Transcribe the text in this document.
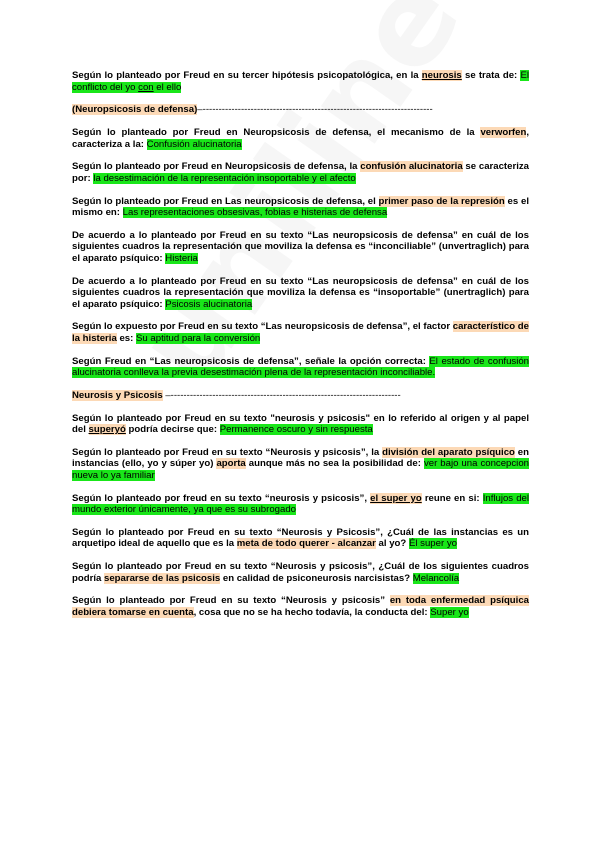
Según lo planteado por Freud en su tercer hipótesis psicopatológica, en la neurosis se trata de: El conflicto del yo con el ello

(Neuropsicosis de defensa)–------------------------------------------------------------------------

Según lo planteado por Freud en Neuropsicosis de defensa, el mecanismo de la verworfen, caracteriza a la: Confusión alucinatoria

Según lo planteado por Freud en Neuropsicosis de defensa, la confusión alucinatoria se caracteriza por: la desestimación de la representación insoportable y el afecto

Según lo planteado por Freud en Las neuropsicosis de defensa, el primer paso de la represión es el mismo en: Las representaciones obsesivas, fobias e histerias de defensa

De acuerdo a lo planteado por Freud en su texto “Las neuropsicosis de defensa” en cuál de los siguientes cuadros la representación que moviliza la defensa es “inconciliable” (unvertraglich) para el aparato psíquico: Histeria

De acuerdo a lo planteado por Freud en su texto “Las neuropsicosis de defensa” en cuál de los siguientes cuadros la representación que moviliza la defensa es “insoportable” (unertraglich) para el aparato psíquico: Psicosis alucinatoria

Según lo expuesto por Freud en su texto “Las neuropsicosis de defensa”, el factor característico de la histeria es: Su aptitud para la conversión

Según Freud en “Las neuropsicosis de defensa”, señale la opción correcta: El estado de confusión alucinatoria conlleva la previa desestimación plena de la representación inconciliable.

Neurosis y Psicosis –------------------------------------------------------------------------

Según lo planteado por Freud en su texto "neurosis y psicosis" en lo referido al origen y al papel del superyó podría decirse que: Permanence oscuro y sin respuesta

Según lo planteado por Freud en su texto “Neurosis y psicosis”, la división del aparato psíquico en instancias (ello, yo y súper yo) aporta aunque más no sea la posibilidad de: ver bajo una concepcion nueva lo ya familiar

Según lo planteado por freud en su texto “neurosis y psicosis”, el super yo reune en si: Influjos del mundo exterior únicamente, ya que es su subrogado

Según lo planteado por Freud en su texto “Neurosis y Psicosis”, ¿Cuál de las instancias es un arquetipo ideal de aquello que es la meta de todo querer - alcanzar al yo? Él super yo

Según lo planteado por Freud en su texto “Neurosis y psicosis”, ¿Cuál de los siguientes cuadros podría separarse de las psicosis en calidad de psiconeurosis narcisistas? Melancolía

Según lo planteado por Freud en su texto “Neurosis y psicosis” en toda enfermedad psíquica debiera tomarse en cuenta, cosa que no se ha hecho todavía, la conducta del: Super yo
